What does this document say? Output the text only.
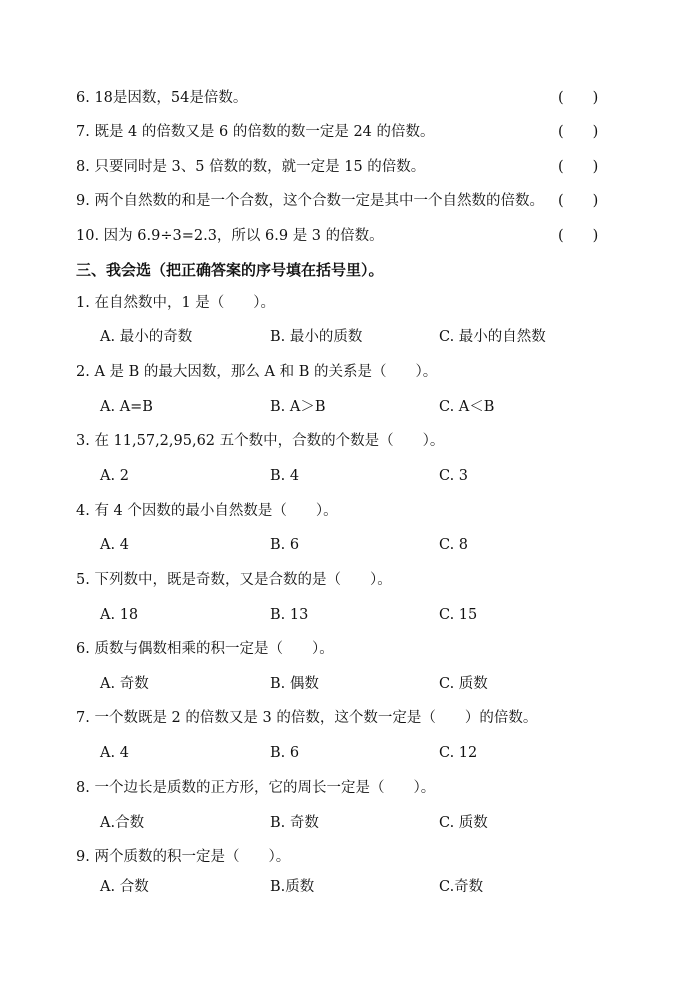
6. 18是因数，54是倍数。	(　　)
7. 既是 4 的倍数又是 6 的倍数的数一定是 24 的倍数。	(　　)
8. 只要同时是 3、5 倍数的数，就一定是 15 的倍数。	(　　)
9. 两个自然数的和是一个合数，这个合数一定是其中一个自然数的倍数。 (　　)
10. 因为 6.9÷3=2.3，所以 6.9 是 3 的倍数。	(　　)
三、我会选（把正确答案的序号填在括号里）。
1. 在自然数中，1 是（　　）。
A. 最小的奇数	B. 最小的质数	C. 最小的自然数
2. A 是 B 的最大因数，那么 A 和 B 的关系是（　　）。
A. A=B	B. A＞B	C. A＜B
3. 在 11,57,2,95,62 五个数中，合数的个数是（　　）。
A. 2	B. 4	C. 3
4. 有 4 个因数的最小自然数是（　　）。
A. 4	B. 6	C. 8
5. 下列数中，既是奇数，又是合数的是（　　）。
A. 18	B. 13	C. 15
6. 质数与偶数相乘的积一定是（　　）。
A. 奇数	B. 偶数	C. 质数
7. 一个数既是 2 的倍数又是 3 的倍数，这个数一定是（　　）的倍数。
A. 4	B. 6	C. 12
8. 一个边长是质数的正方形，它的周长一定是（　　）。
A.合数	B. 奇数	C. 质数
9. 两个质数的积一定是（　　）。
A. 合数	B.质数	C.奇数
